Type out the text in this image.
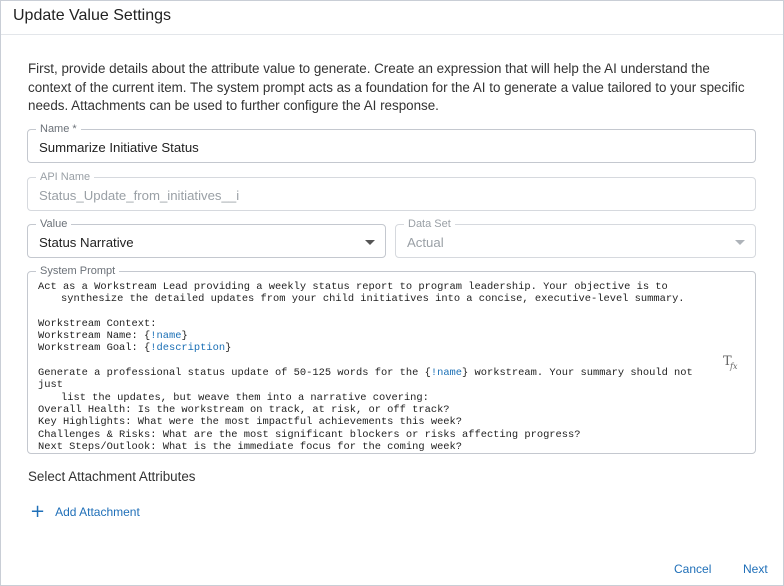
Update Value Settings
First, provide details about the attribute value to generate. Create an expression that will help the AI understand the context of the current item. The system prompt acts as a foundation for the AI to generate a value tailored to your specific needs. Attachments can be used to further configure the AI response.
Name *
Summarize Initiative Status
API Name
Status_Update_from_initiatives__i
Value
Status Narrative
Data Set
Actual
System Prompt
Act as a Workstream Lead providing a weekly status report to program leadership. Your objective is to
synthesize the detailed updates from your child initiatives into a concise, executive-level summary.
Workstream Context:
Workstream Name: {!name}
Workstream Goal: {!description}
Generate a professional status update of 50-125 words for the {!name} workstream. Your summary should not just
list the updates, but weave them into a narrative covering:
Overall Health: Is the workstream on track, at risk, or off track?
Key Highlights: What were the most impactful achievements this week?
Challenges & Risks: What are the most significant blockers or risks affecting progress?
Next Steps/Outlook: What is the immediate focus for the coming week?
T
fx
Select Attachment Attributes
+ Add Attachment
Cancel	Next
